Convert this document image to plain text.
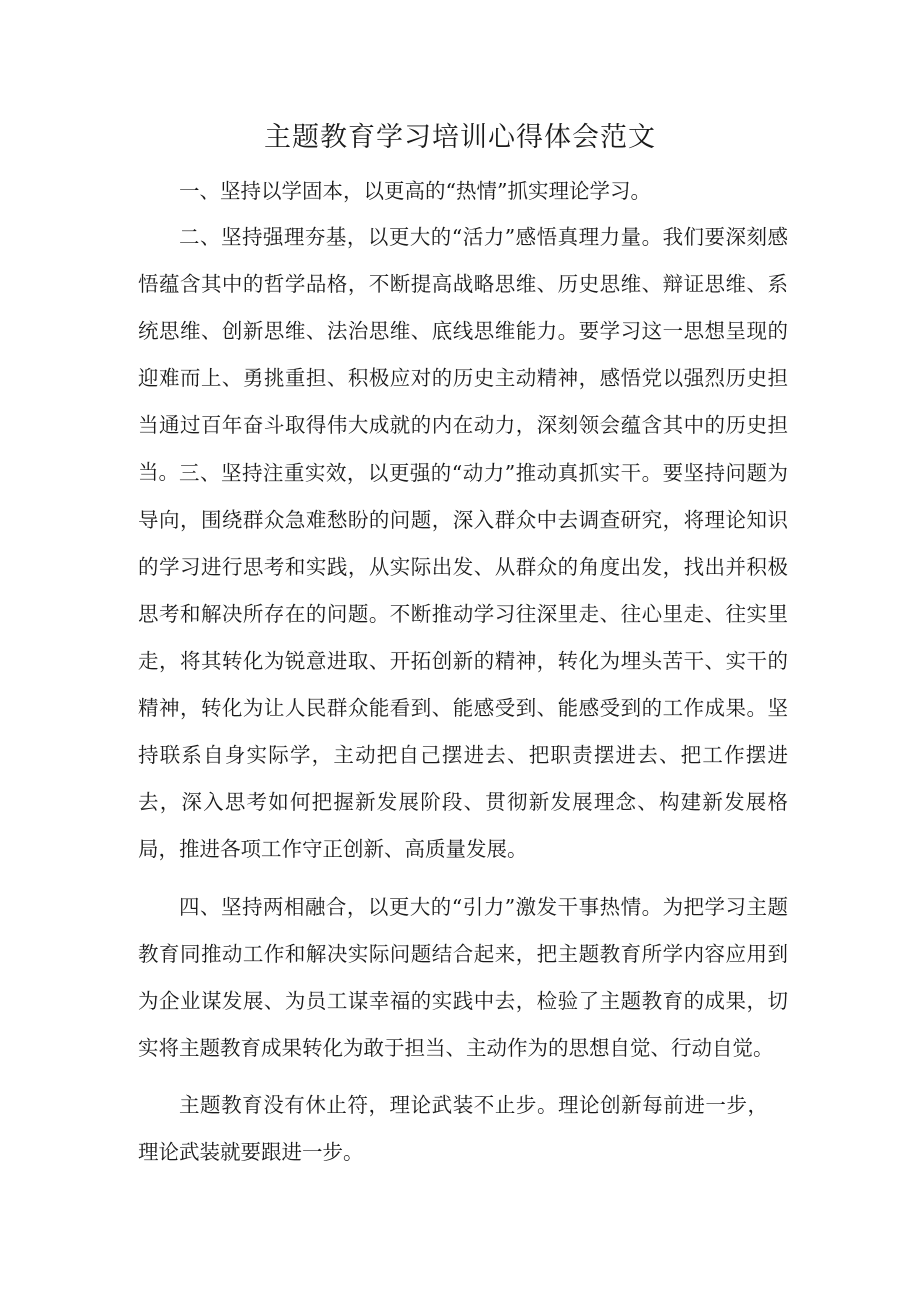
主题教育学习培训心得体会范文

一、坚持以学固本，以更高的“热情”抓实理论学习。

二、坚持强理夯基，以更大的“活力”感悟真理力量。我们要深刻感悟蕴含其中的哲学品格，不断提高战略思维、历史思维、辩证思维、系统思维、创新思维、法治思维、底线思维能力。要学习这一思想呈现的迎难而上、勇挑重担、积极应对的历史主动精神，感悟党以强烈历史担当通过百年奋斗取得伟大成就的内在动力，深刻领会蕴含其中的历史担当。 三、坚持注重实效，以更强的“动力”推动真抓实干。要坚持问题为导向，围绕群众急难愁盼的问题，深入群众中去调查研究，将理论知识的学习进行思考和实践，从实际出发、从群众的角度出发，找出并积极思考和解决所存在的问题。不断推动学习往深里走、往心里走、往实里走，将其转化为锐意进取、开拓创新的精神，转化为埋头苦干、实干的精神，转化为让人民群众能看到、能感受到、能感受到的工作成果。坚持联系自身实际学，主动把自己摆进去、把职责摆进去、把工作摆进去，深入思考如何把握新发展阶段、贯彻新发展理念、构建新发展格局，推进各项工作守正创新、高质量发展。

四、坚持两相融合，以更大的“引力”激发干事热情。为把学习主题教育同推动工作和解决实际问题结合起来，把主题教育所学内容应用到为企业谋发展、为员工谋幸福的实践中去，检验了主题教育的成果，切实将主题教育成果转化为敢于担当、主动作为的思想自觉、行动自觉。

主题教育没有休止符，理论武装不止步。理论创新每前进一步，理论武装就要跟进一步。
